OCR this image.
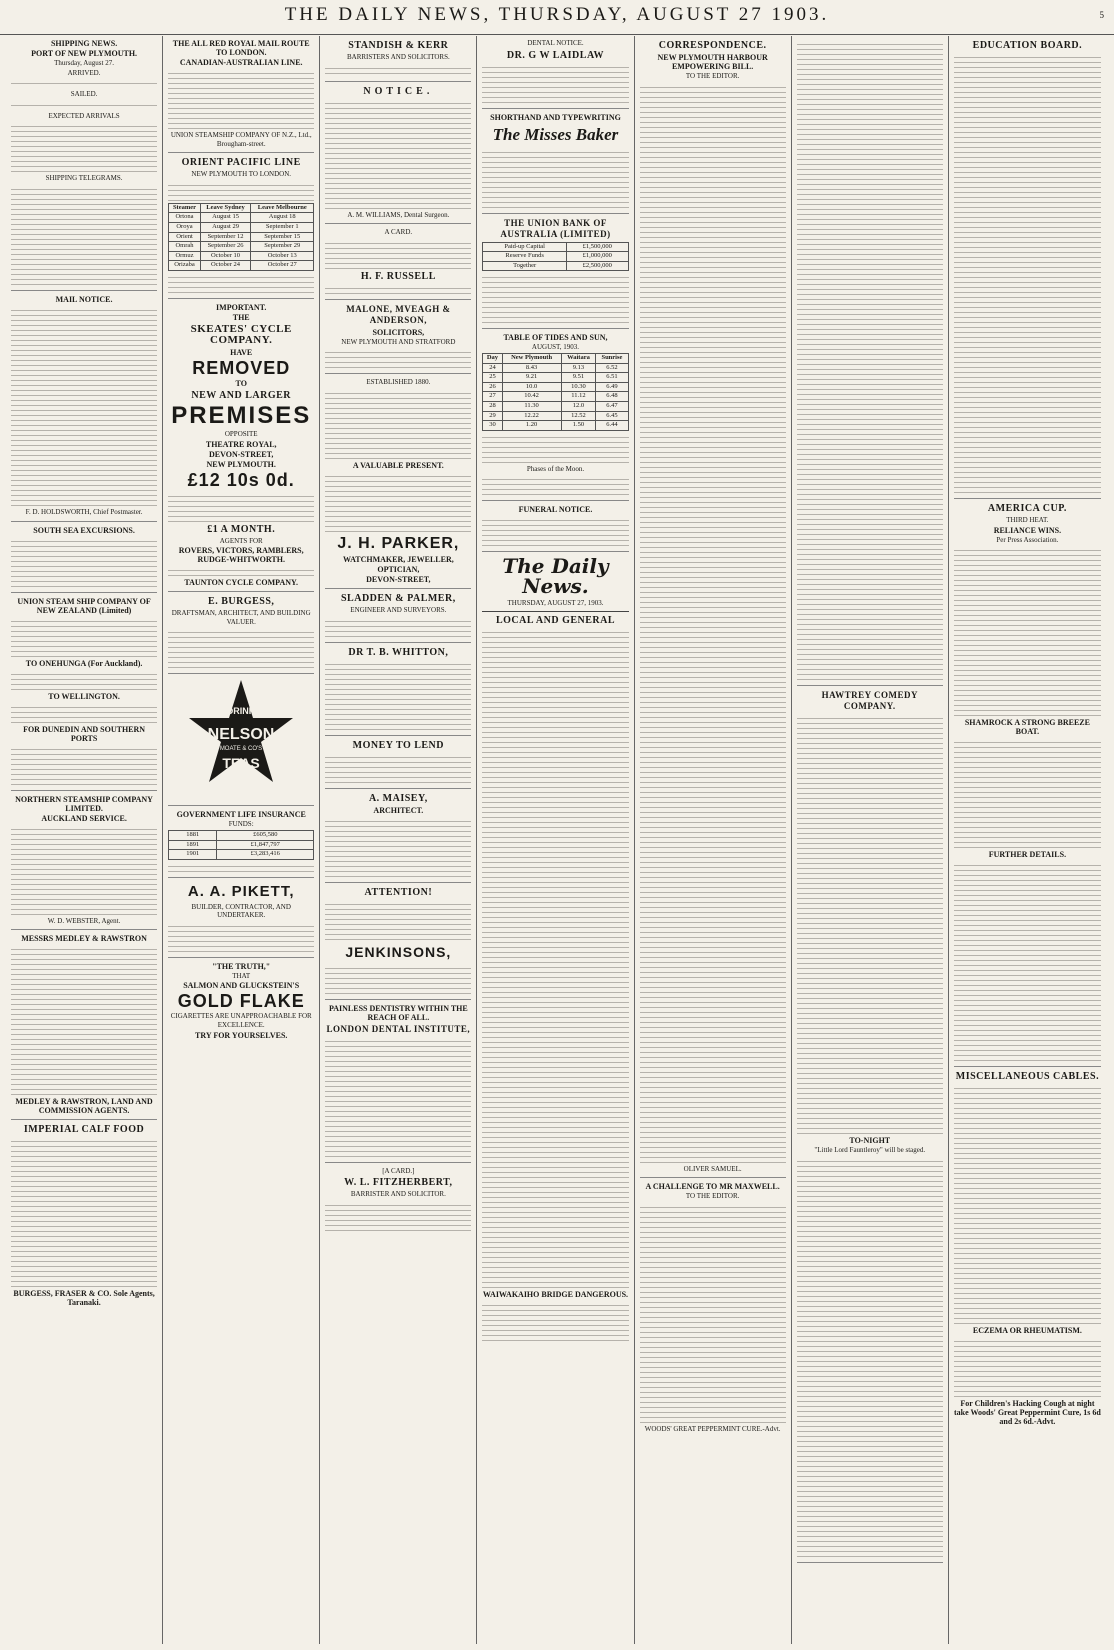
THE DAILY NEWS, THURSDAY, AUGUST 27 1903.	5
SHIPPING NEWS.
PORT OF NEW PLYMOUTH.
Thursday, August 27.
ARRIVED.
SAILED.
EXPECTED ARRIVALS
SHIPPING TELEGRAMS.
MAIL NOTICE.
F. D. HOLDSWORTH, Chief Postmaster.
SOUTH SEA EXCURSIONS.
UNION STEAM SHIP COMPANY OF NEW ZEALAND (Limited)
TO ONEHUNGA (For Auckland).
TO WELLINGTON.
FOR DUNEDIN AND SOUTHERN PORTS
NORTHERN STEAMSHIP COMPANY LIMITED.
AUCKLAND SERVICE.
W. D. WEBSTER, Agent.
MESSRS MEDLEY & RAWSTRON
MEDLEY & RAWSTRON, LAND AND COMMISSION AGENTS.
IMPERIAL CALF FOOD
BURGESS, FRASER & CO. Sole Agents, Taranaki.
THE ALL RED ROYAL MAIL ROUTE TO LONDON.
CANADIAN-AUSTRALIAN LINE.
UNION STEAMSHIP COMPANY OF N.Z., Ltd., Brougham-street.
ORIENT PACIFIC LINE
NEW PLYMOUTH TO LONDON.
Steamer	Leave Sydney	Leave Melbourne
Ortona	August 15	August 18
Oroya	August 29	September 1
Orient	September 12	September 15
Omrah	September 26	September 29
Ormuz	October 10	October 13
Orizaba	October 24	October 27
IMPORTANT.
THE
SKEATES' CYCLE COMPANY.
HAVE
REMOVED
TO
NEW AND LARGER
PREMISES
OPPOSITE
THEATRE ROYAL,
DEVON-STREET,
NEW PLYMOUTH.
£12 10s 0d.
£1 A MONTH.
AGENTS FOR
ROVERS, VICTORS, RAMBLERS, RUDGE-WHITWORTH.
TAUNTON CYCLE COMPANY.
E. BURGESS,
DRAFTSMAN, ARCHITECT, AND BUILDING VALUER.
DRINK
NELSON
MOATE & CO'S
TEAS
GOVERNMENT LIFE INSURANCE
FUNDS:
1881	£605,580
1891	£1,847,797
1901	£3,283,416
A. A. PIKETT,
BUILDER, CONTRACTOR, AND UNDERTAKER.
"THE TRUTH,"
THAT
SALMON AND GLUCKSTEIN'S
GOLD FLAKE
CIGARETTES ARE UNAPPROACHABLE FOR EXCELLENCE.
TRY FOR YOURSELVES.
STANDISH & KERR
BARRISTERS AND SOLICITORS.
NOTICE.
A. M. WILLIAMS, Dental Surgeon.
A CARD.
H. F. RUSSELL
MALONE, MVEAGH & ANDERSON,
SOLICITORS,
NEW PLYMOUTH AND STRATFORD
ESTABLISHED 1880.
A VALUABLE PRESENT.
J. H. PARKER,
WATCHMAKER, JEWELLER,
OPTICIAN,
DEVON-STREET,
SLADDEN & PALMER,
ENGINEER AND SURVEYORS.
DR T. B. WHITTON,
MONEY TO LEND
A. MAISEY,
ARCHITECT.
ATTENTION!
JENKINSONS,
PAINLESS DENTISTRY WITHIN THE REACH OF ALL.
LONDON DENTAL INSTITUTE,
[A CARD.]
W. L. FITZHERBERT,
BARRISTER AND SOLICITOR.
DENTAL NOTICE.
DR. G W LAIDLAW
SHORTHAND AND TYPEWRITING
The Misses Baker
THE UNION BANK OF AUSTRALIA (LIMITED)
Paid-up Capital	£1,500,000
Reserve Funds	£1,000,000
Together	£2,500,000
TABLE OF TIDES AND SUN,
AUGUST, 1903.
Day	New Plymouth	Waitara	Sunrise
24	8.43	9.13	6.52
25	9.21	9.51	6.51
26	10.0	10.30	6.49
27	10.42	11.12	6.48
28	11.30	12.0	6.47
29	12.22	12.52	6.45
30	1.20	1.50	6.44
Phases of the Moon.
FUNERAL NOTICE.
The Daily News.
THURSDAY, AUGUST 27, 1903.
LOCAL AND GENERAL
WAIWAKAIHO BRIDGE DANGEROUS.
CORRESPONDENCE.
NEW PLYMOUTH HARBOUR EMPOWERING BILL.
TO THE EDITOR.
OLIVER SAMUEL.
A CHALLENGE TO MR MAXWELL.
TO THE EDITOR.
WOODS' GREAT PEPPERMINT CURE.-Advt.
HAWTREY COMEDY COMPANY.
TO-NIGHT
"Little Lord Fauntleroy" will be staged.
EDUCATION BOARD.
AMERICA CUP.
THIRD HEAT.
RELIANCE WINS.
Per Press Association.
SHAMROCK A STRONG BREEZE BOAT.
FURTHER DETAILS.
MISCELLANEOUS CABLES.
ECZEMA OR RHEUMATISM.
For Children's Hacking Cough at night take Woods' Great Peppermint Cure, 1s 6d and 2s 6d.-Advt.
